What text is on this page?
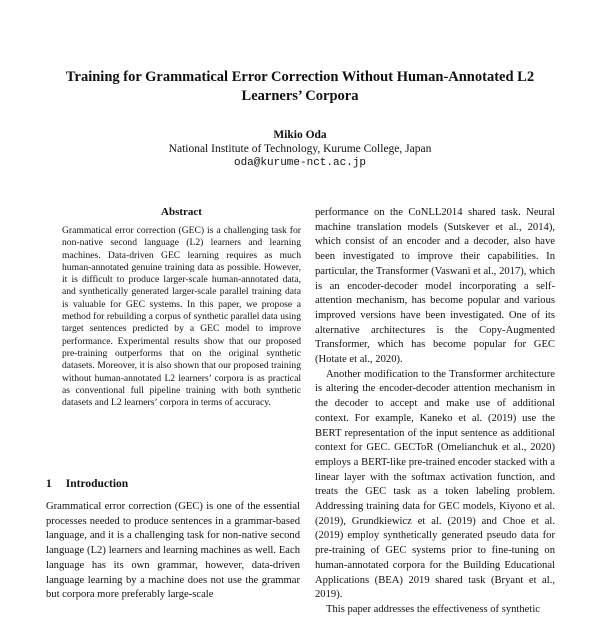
Training for Grammatical Error Correction Without Human-Annotated L2 Learners’ Corpora
Mikio Oda
National Institute of Technology, Kurume College, Japan
oda@kurume-nct.ac.jp
Abstract

Grammatical error correction (GEC) is a challenging task for non-native second language (L2) learners and learning machines. Data-driven GEC learning requires as much human-annotated genuine training data as possible. However, it is difficult to produce larger-scale human-annotated data, and synthetically generated larger-scale parallel training data is valuable for GEC systems. In this paper, we propose a method for rebuilding a corpus of synthetic parallel data using target sentences predicted by a GEC model to improve performance. Experimental results show that our proposed pre-training outperforms that on the original synthetic datasets. Moreover, it is also shown that our proposed training without human-annotated L2 learners’ corpora is as practical as conventional full pipeline training with both synthetic datasets and L2 learners’ corpora in terms of accuracy.

1 Introduction

Grammatical error correction (GEC) is one of the essential processes needed to produce sentences in a grammar-based language, and it is a challenging task for non-native second language (L2) learners and learning machines as well. Each language has its own grammar, however, data-driven language learning by a machine does not use the grammar but corpora more preferably large-scale

performance on the CoNLL2014 shared task. Neural machine translation models (Sutskever et al., 2014), which consist of an encoder and a decoder, also have been investigated to improve their capabilities. In particular, the Transformer (Vaswani et al., 2017), which is an encoder-decoder model incorporating a self-attention mechanism, has become popular and various improved versions have been investigated. One of its alternative architectures is the Copy-Augmented Transformer, which has become popular for GEC (Hotate et al., 2020).

Another modification to the Transformer architecture is altering the encoder-decoder attention mechanism in the decoder to accept and make use of additional context. For example, Kaneko et al. (2019) use the BERT representation of the input sentence as additional context for GEC. GECToR (Omelianchuk et al., 2020) employs a BERT-like pre-trained encoder stacked with a linear layer with the softmax activation function, and treats the GEC task as a token labeling problem. Addressing training data for GEC models, Kiyono et al. (2019), Grundkiewicz et al. (2019) and Choe et al. (2019) employ synthetically generated pseudo data for pre-training of GEC systems prior to fine-tuning on human-annotated corpora for the Building Educational Applications (BEA) 2019 shared task (Bryant et al., 2019).

This paper addresses the effectiveness of synthetic
